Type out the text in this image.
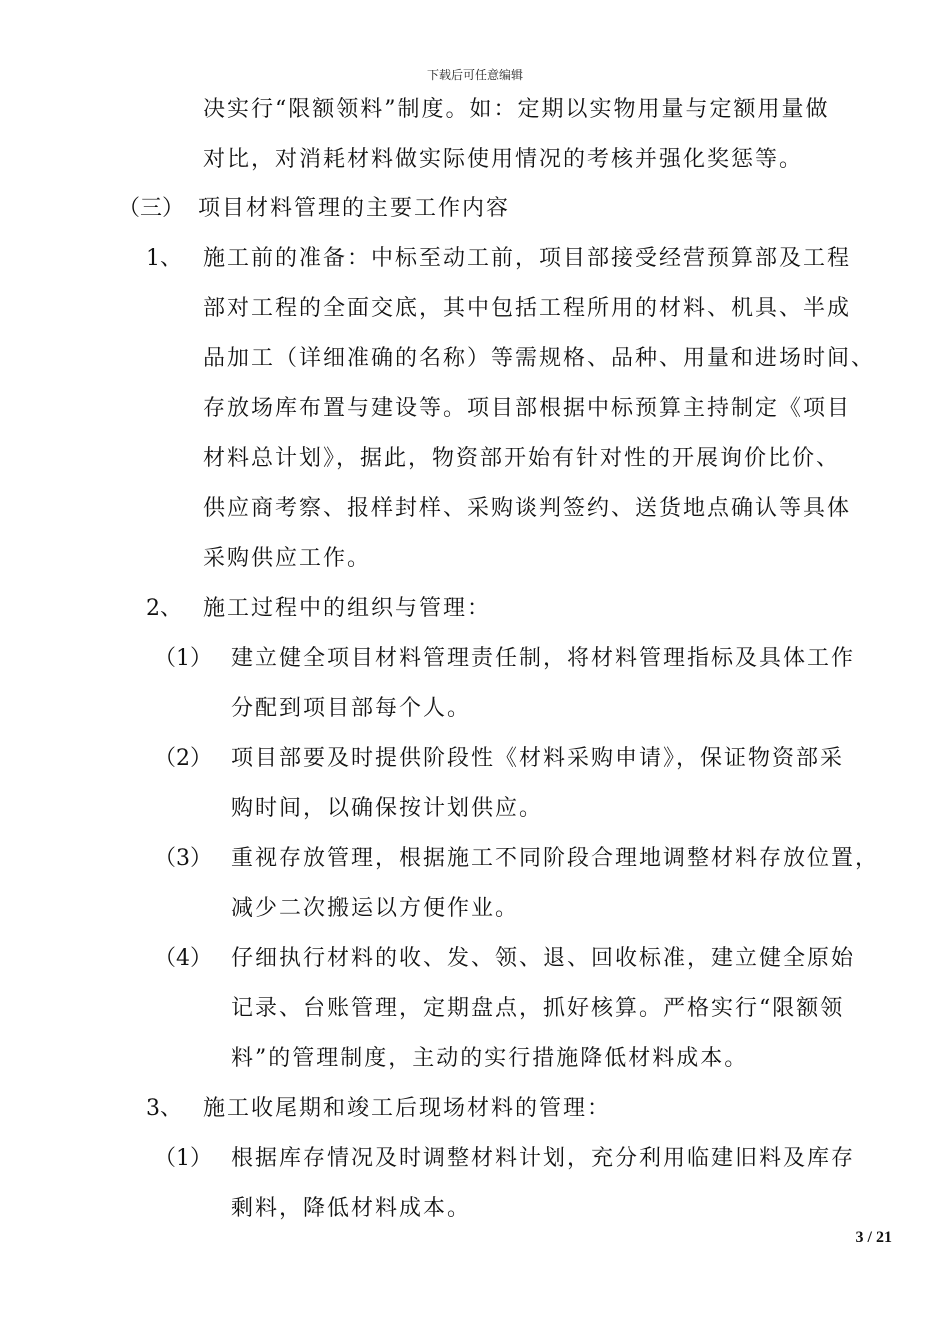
下载后可任意编辑
决实行“限额领料”制度。如：定期以实物用量与定额用量做
对比，对消耗材料做实际使用情况的考核并强化奖惩等。
（三） 项目材料管理的主要工作内容
1、 施工前的准备：中标至动工前，项目部接受经营预算部及工程
部对工程的全面交底，其中包括工程所用的材料、机具、半成
品加工（详细准确的名称）等需规格、品种、用量和进场时间、
存放场库布置与建设等。项目部根据中标预算主持制定《项目
材料总计划》，据此，物资部开始有针对性的开展询价比价、
供应商考察、报样封样、采购谈判签约、送货地点确认等具体
采购供应工作。
2、 施工过程中的组织与管理：
（1） 建立健全项目材料管理责任制，将材料管理指标及具体工作
分配到项目部每个人。
（2） 项目部要及时提供阶段性《材料采购申请》，保证物资部采
购时间，以确保按计划供应。
（3） 重视存放管理，根据施工不同阶段合理地调整材料存放位置，
减少二次搬运以方便作业。
（4） 仔细执行材料的收、发、领、退、回收标准，建立健全原始
记录、台账管理，定期盘点，抓好核算。严格实行“限额领
料”的管理制度，主动的实行措施降低材料成本。
3、 施工收尾期和竣工后现场材料的管理：
（1） 根据库存情况及时调整材料计划，充分利用临建旧料及库存
剩料，降低材料成本。
3 / 21
